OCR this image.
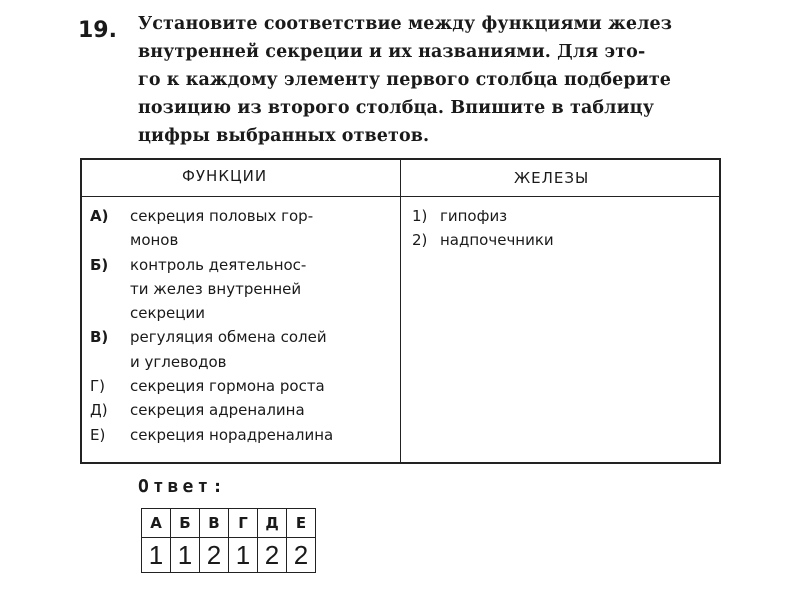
19. Установите соответствие между функциями желез
внутренней секреции и их названиями. Для это-
го к каждому элементу первого столбца подберите
позицию из второго столбца. Впишите в таблицу
цифры выбранных ответов.
ФУНКЦИИ	ЖЕЛЕЗЫ
А)	секреция половых гор-
монов
Б)	контроль деятельнос-
ти желез внутренней
секреции
В)	регуляция обмена солей
и углеводов
Г)	секреция гормона роста
Д)	секреция адреналина
Е)	секреция норадреналина
1) гипофиз
2) надпочечники
Ответ:
А	Б	В	Г	Д	Е
1	1	2	1	2	2
